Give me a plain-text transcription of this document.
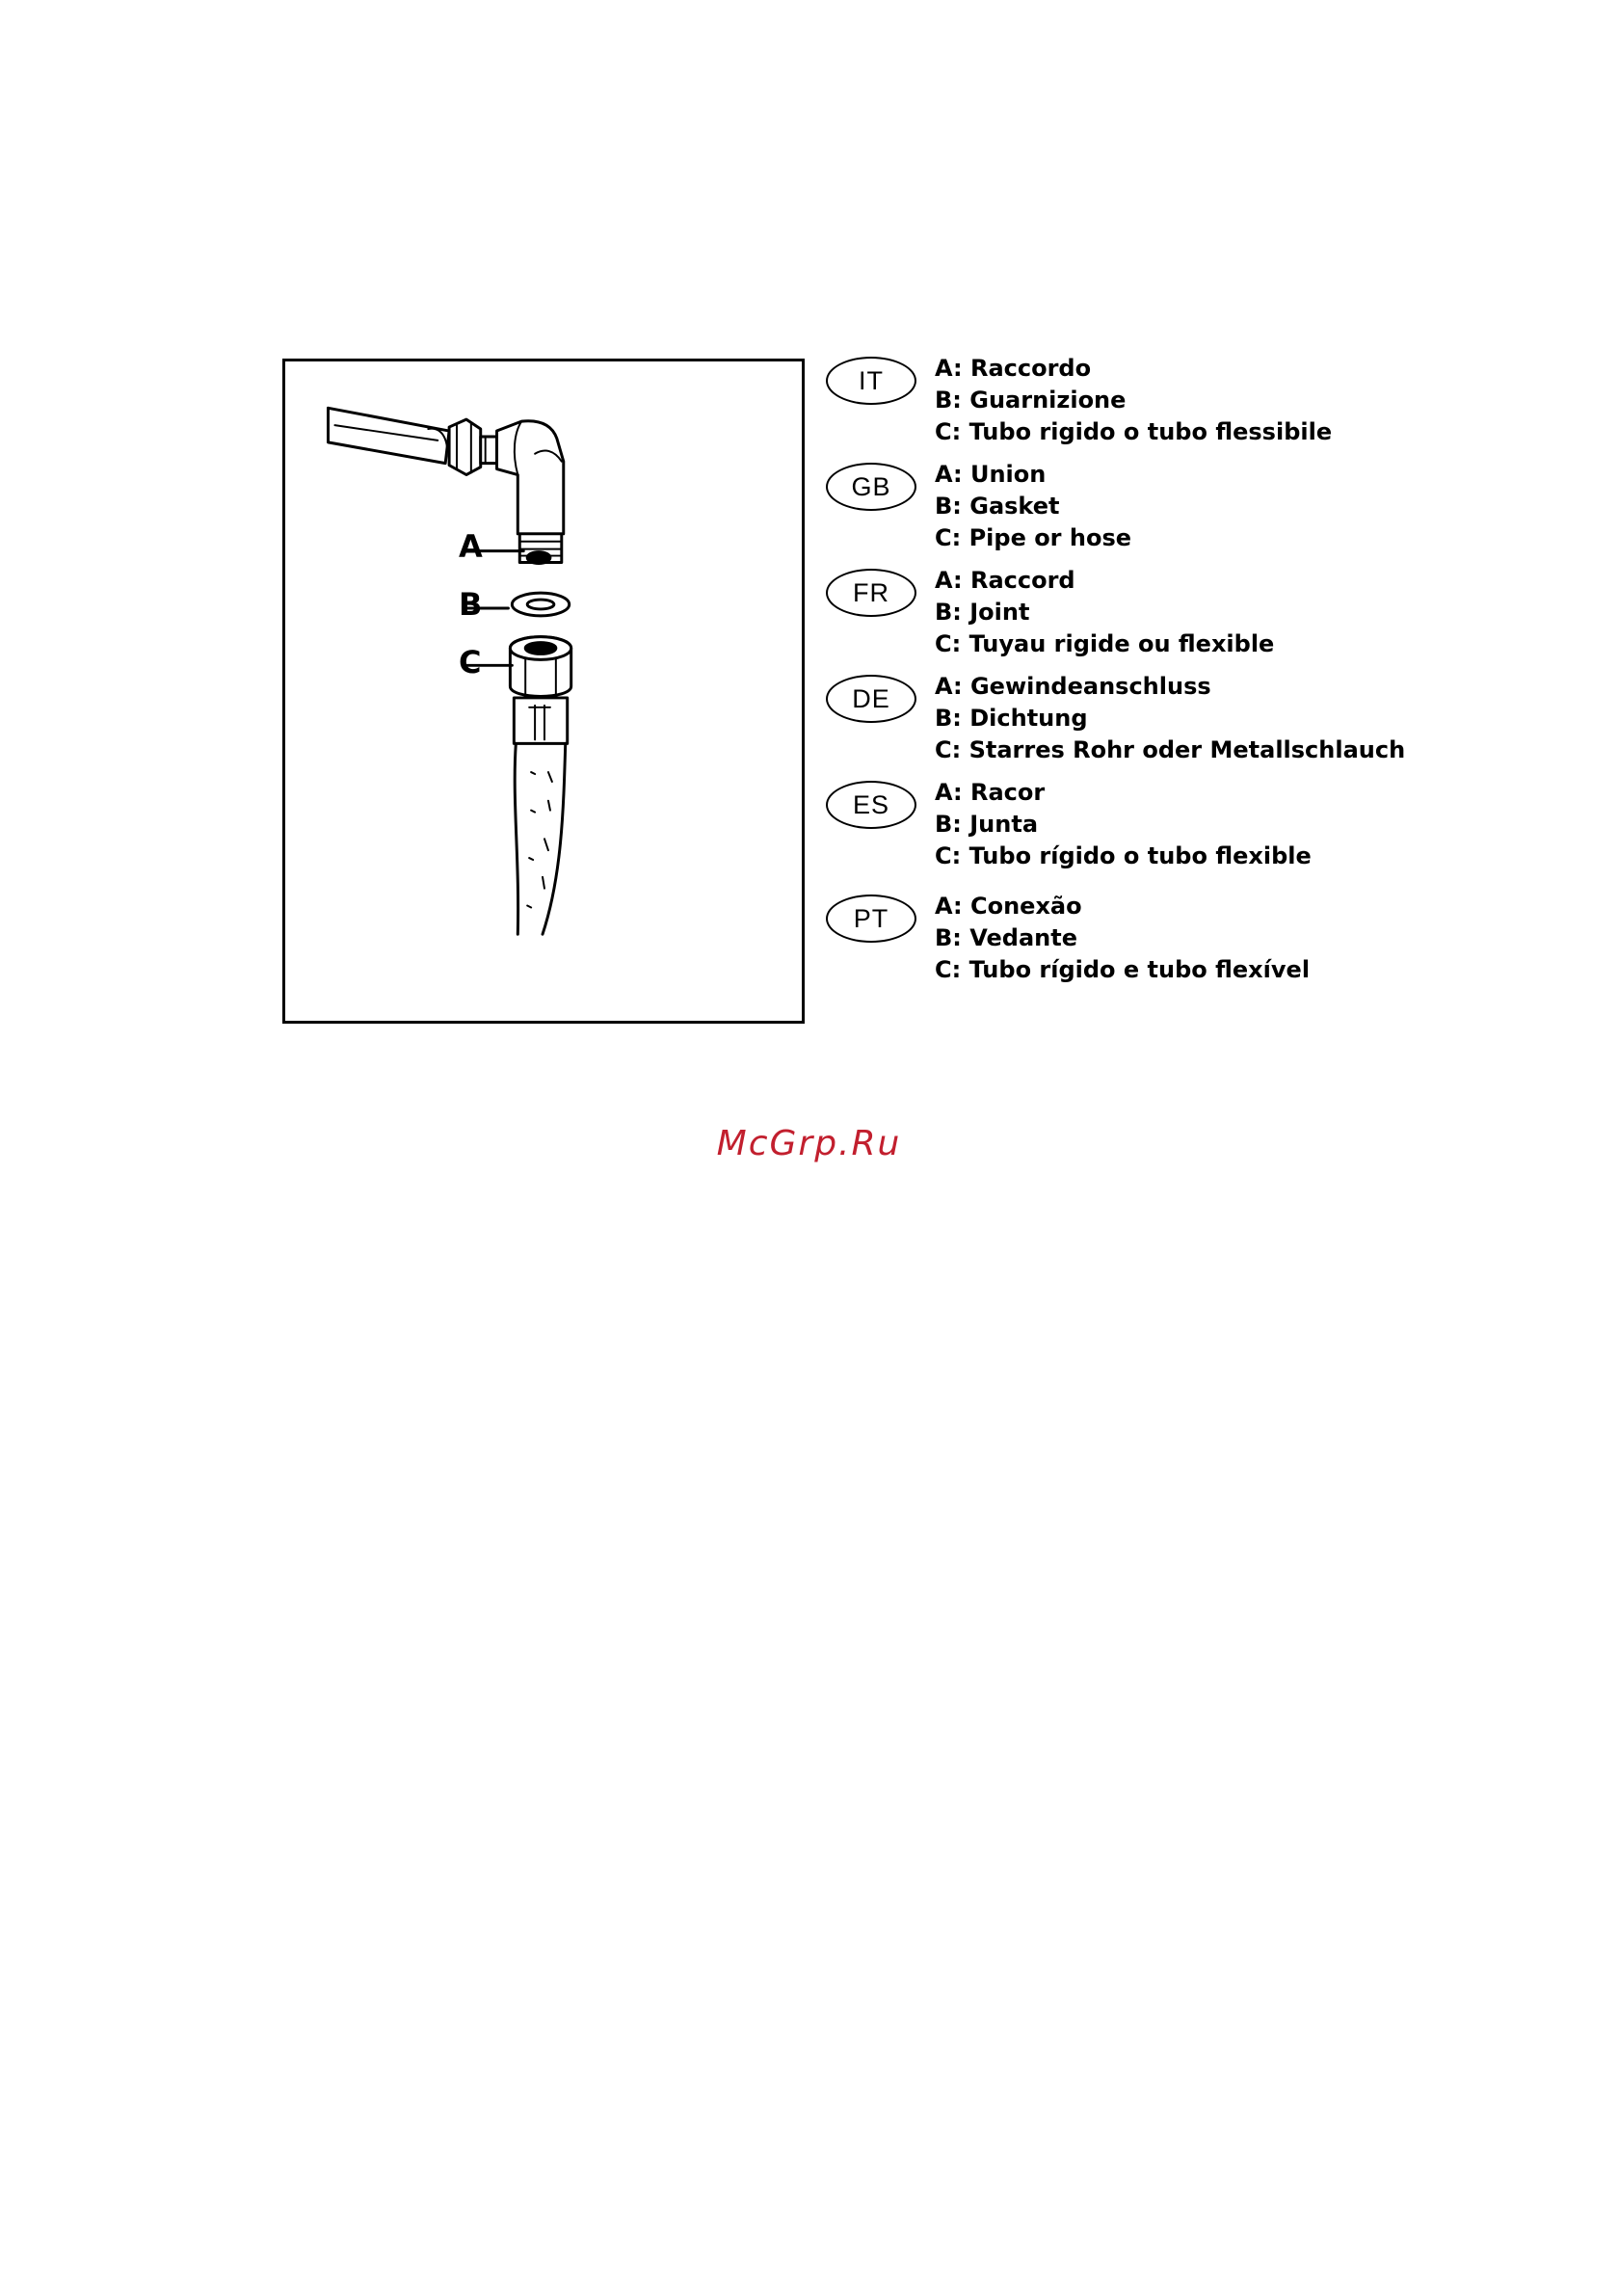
A
B
C
IT	A: Raccordo
B: Guarnizione
C: Tubo rigido o tubo flessibile
GB	A: Union
B: Gasket
C: Pipe or hose
FR	A: Raccord
B: Joint
C: Tuyau rigide ou flexible
DE	A: Gewindeanschluss
B: Dichtung
C: Starres Rohr oder Metallschlauch
ES	A: Racor
B: Junta
C: Tubo rígido o tubo flexible
PT	A: Conexão
B: Vedante
C: Tubo rígido e tubo flexível
McGrp.Ru
